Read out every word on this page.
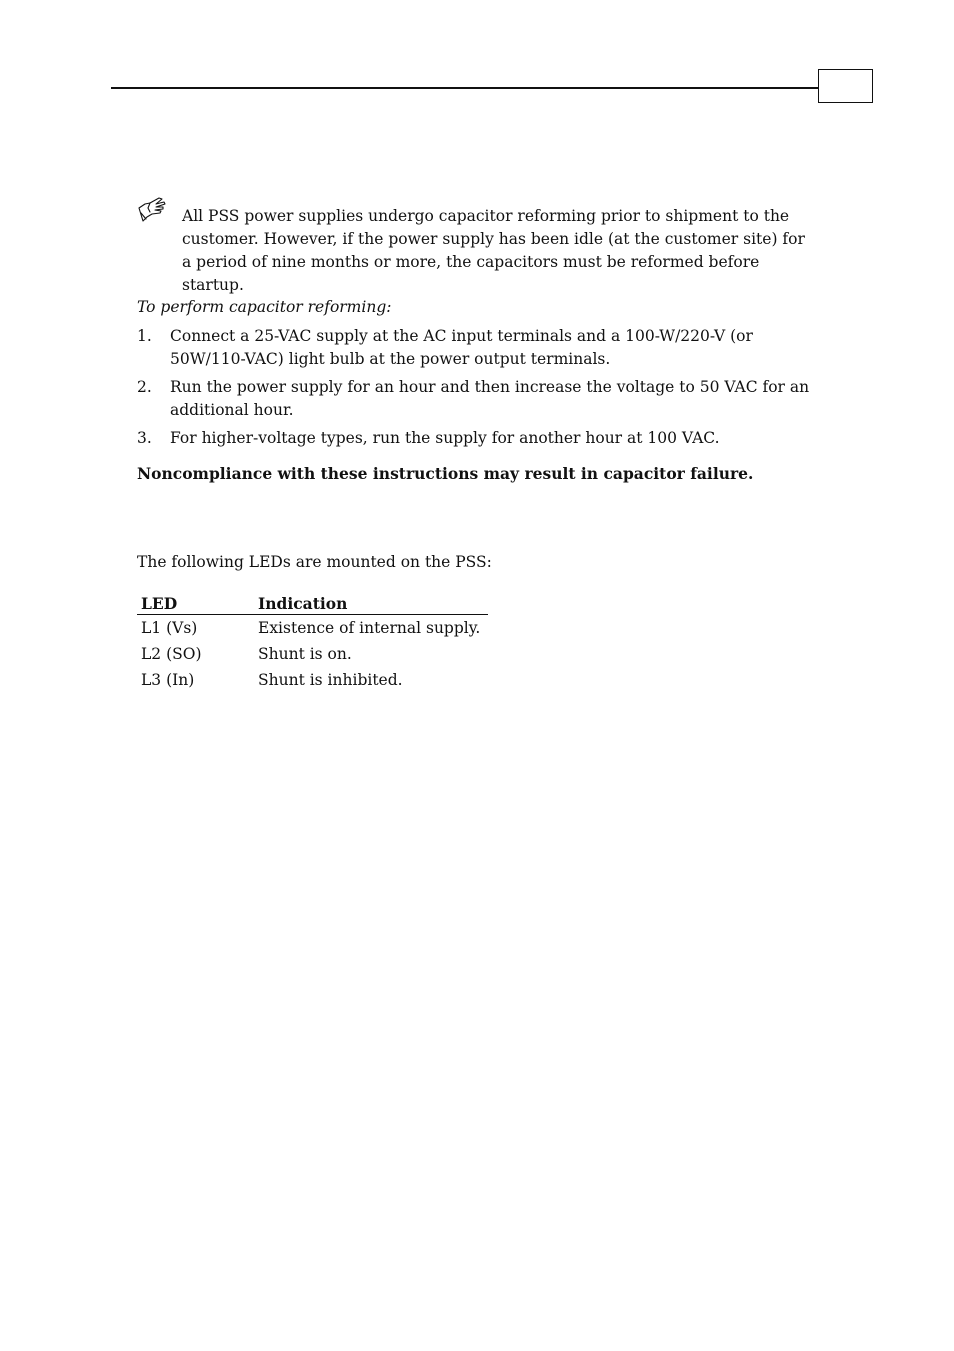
All PSS power supplies undergo capacitor reforming prior to shipment to the customer. However, if the power supply has been idle (at the customer site) for a period of nine months or more, the capacitors must be reformed before startup.
To perform capacitor reforming:
1. Connect a 25-VAC supply at the AC input terminals and a 100-W/220-V (or 50W/110-VAC) light bulb at the power output terminals.
2. Run the power supply for an hour and then increase the voltage to 50 VAC for an additional hour.
3. For higher-voltage types, run the supply for another hour at 100 VAC.
Noncompliance with these instructions may result in capacitor failure.
The following LEDs are mounted on the PSS:
LED	Indication
L1 (Vs)	Existence of internal supply.
L2 (SO)	Shunt is on.
L3 (In)	Shunt is inhibited.
